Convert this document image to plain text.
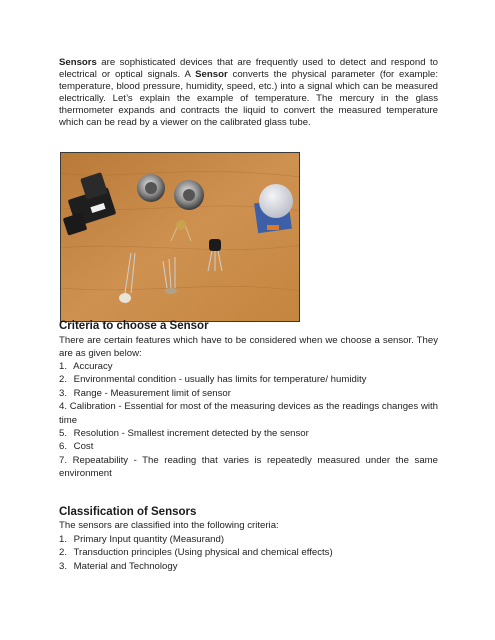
Sensors are sophisticated devices that are frequently used to detect and respond to electrical or optical signals. A Sensor converts the physical parameter (for example: temperature, blood pressure, humidity, speed, etc.) into a signal which can be measured electrically. Let’s explain the example of temperature. The mercury in the glass thermometer expands and contracts the liquid to convert the measured temperature which can be read by a viewer on the calibrated glass tube.

Criteria to choose a Sensor

There are certain features which have to be considered when we choose a sensor. They are as given below:

1. Accuracy
2. Environmental condition - usually has limits for temperature/ humidity
3. Range - Measurement limit of sensor
4. Calibration - Essential for most of the measuring devices as the readings changes with time
5. Resolution - Smallest increment detected by the sensor
6. Cost
7. Repeatability - The reading that varies is repeatedly measured under the same environment
Classification of Sensors

The sensors are classified into the following criteria:

1. Primary Input quantity (Measurand)
2. Transduction principles (Using physical and chemical effects)
3. Material and Technology
